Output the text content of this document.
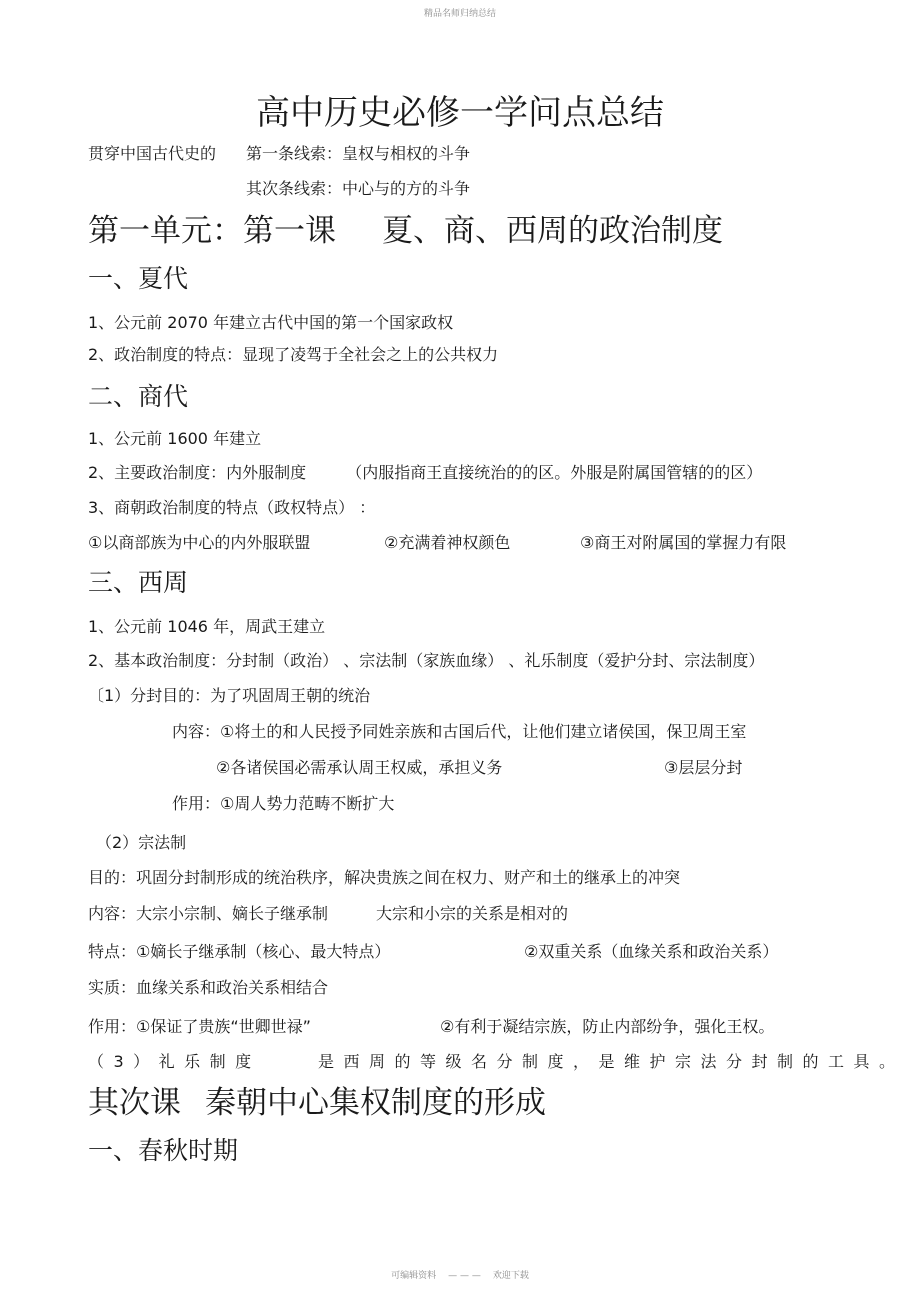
精品名师归纳总结
高中历史必修一学问点总结

贯穿中国古代史的 第一条线索：皇权与相权的斗争

其次条线索：中心与的方的斗争

第一单元：第一课 夏、商、西周的政治制度
一、夏代

1、公元前 2070 年建立古代中国的第一个国家政权

2、政治制度的特点：显现了凌驾于全社会之上的公共权力

二、商代

1、公元前 1600 年建立

2、主要政治制度：内外服制度	（内服指商王直接统治的的区。外服是附属国管辖的的区）

3、商朝政治制度的特点（政权特点） ：

①以商部族为中心的内外服联盟	②充满着神权颜色	③商王对附属国的掌握力有限

三、西周

1、公元前 1046 年，周武王建立

2、基本政治制度：分封制（政治） 、宗法制（家族血缘） 、礼乐制度（爱护分封、宗法制度）

〔1）分封目的：为了巩固周王朝的统治

内容：①将土的和人民授予同姓亲族和古国后代，让他们建立诸侯国，保卫周王室

②各诸侯国必需承认周王权威，承担义务	③层层分封

作用：①周人势力范畴不断扩大

（2）宗法制

目的：巩固分封制形成的统治秩序，解决贵族之间在权力、财产和土的继承上的冲突

内容：大宗小宗制、嫡长子继承制	大宗和小宗的关系是相对的

特点：①嫡长子继承制（核心、最大特点）	②双重关系（血缘关系和政治关系）

实质：血缘关系和政治关系相结合

作用：①保证了贵族“世卿世禄”	②有利于凝结宗族，防止内部纷争，强化王权。

（3）礼乐制度	是西周的等级名分制度，是维护宗法分封制的工具。

其次课 秦朝中心集权制度的形成
一、春秋时期
可编辑资料 — — — 欢迎下载
